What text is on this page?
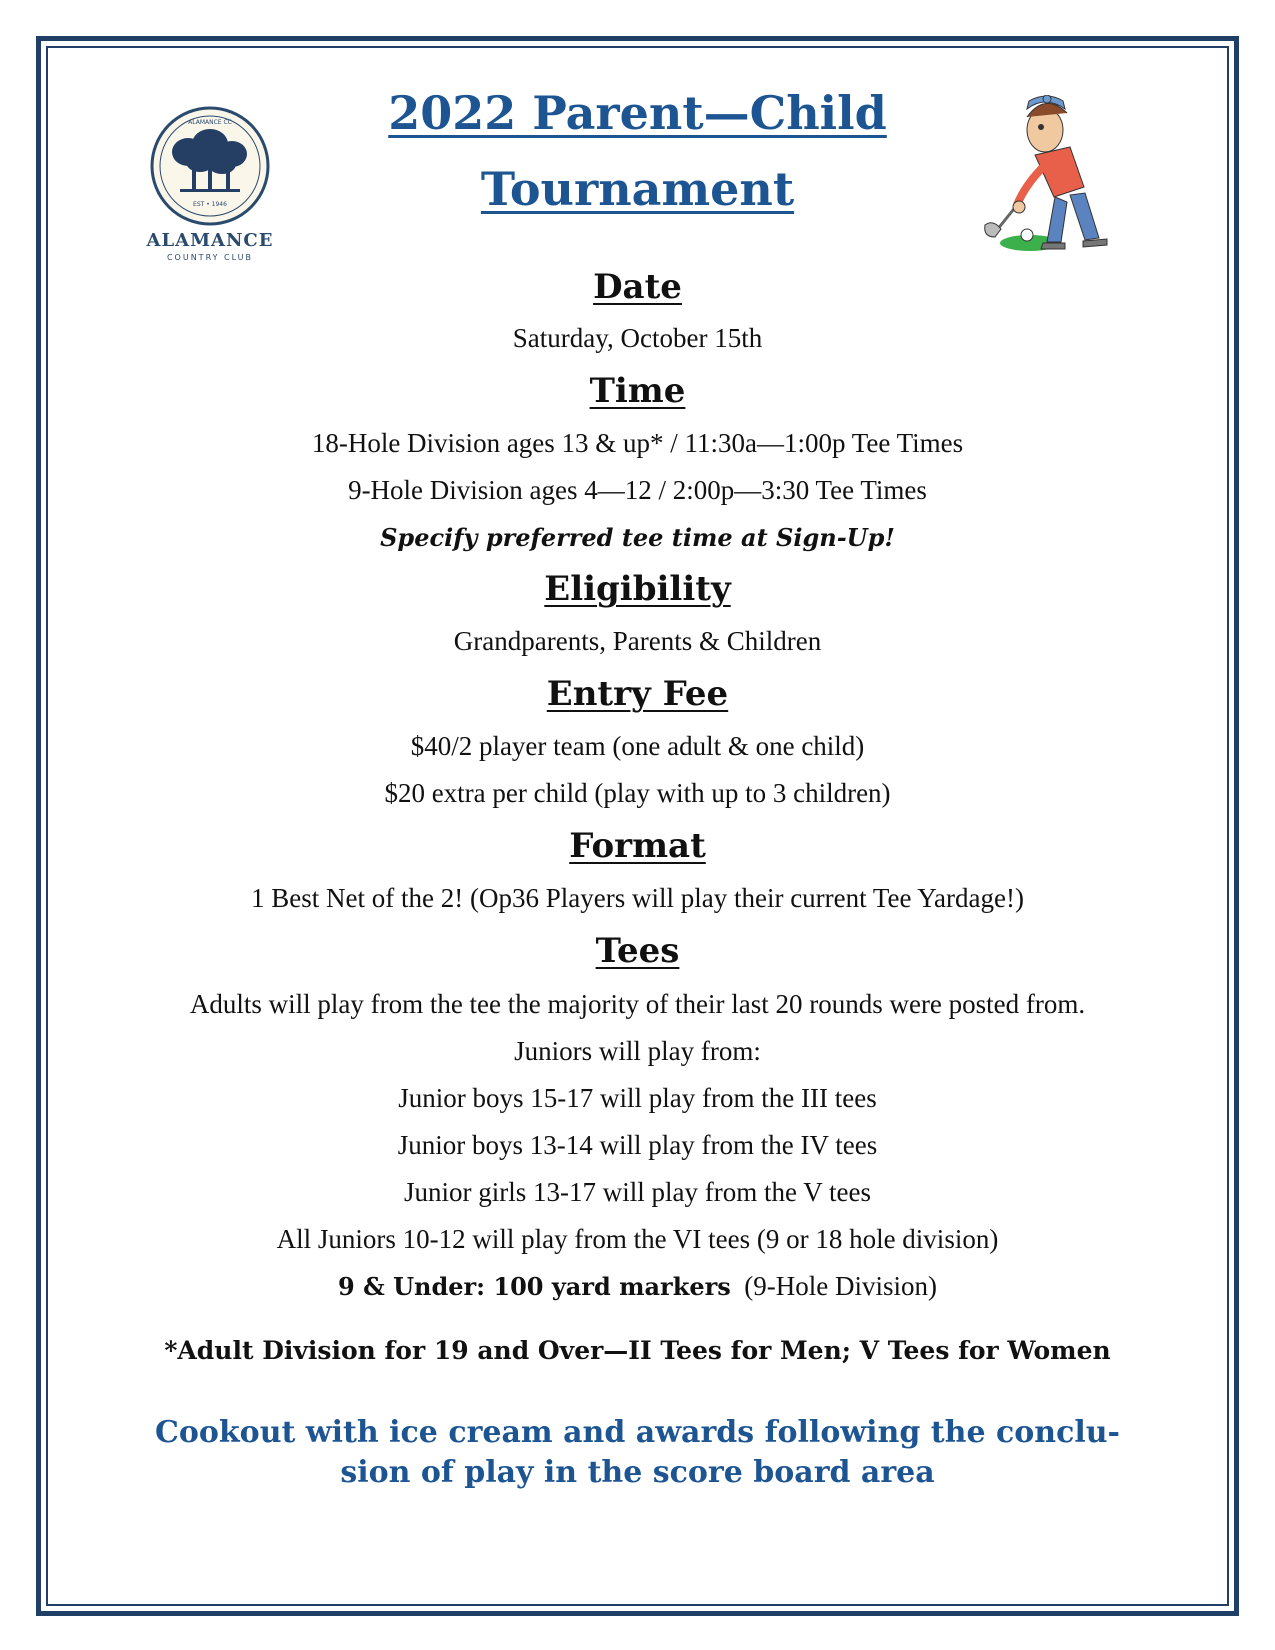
EST • 1946
ALAMANCE CC
ALAMANCE
COUNTRY CLUB
2022 Parent—Child
Tournament
Date
Saturday, October 15th
Time
18-Hole Division ages 13 & up* / 11:30a—1:00p Tee Times
9-Hole Division ages 4—12 / 2:00p—3:30 Tee Times
Specify preferred tee time at Sign-Up!
Eligibility
Grandparents, Parents & Children
Entry Fee
$40/2 player team (one adult & one child)
$20 extra per child (play with up to 3 children)
Format
1 Best Net of the 2! (Op36 Players will play their current Tee Yardage!)
Tees
Adults will play from the tee the majority of their last 20 rounds were posted from.
Juniors will play from:
Junior boys 15-17 will play from the III tees
Junior boys 13-14 will play from the IV tees
Junior girls 13-17 will play from the V tees
All Juniors 10-12 will play from the VI tees (9 or 18 hole division)
9 & Under: 100 yard markers  (9-Hole Division)
*Adult Division for 19 and Over—II Tees for Men; V Tees for Women
Cookout with ice cream and awards following the conclu-
sion of play in the score board area
